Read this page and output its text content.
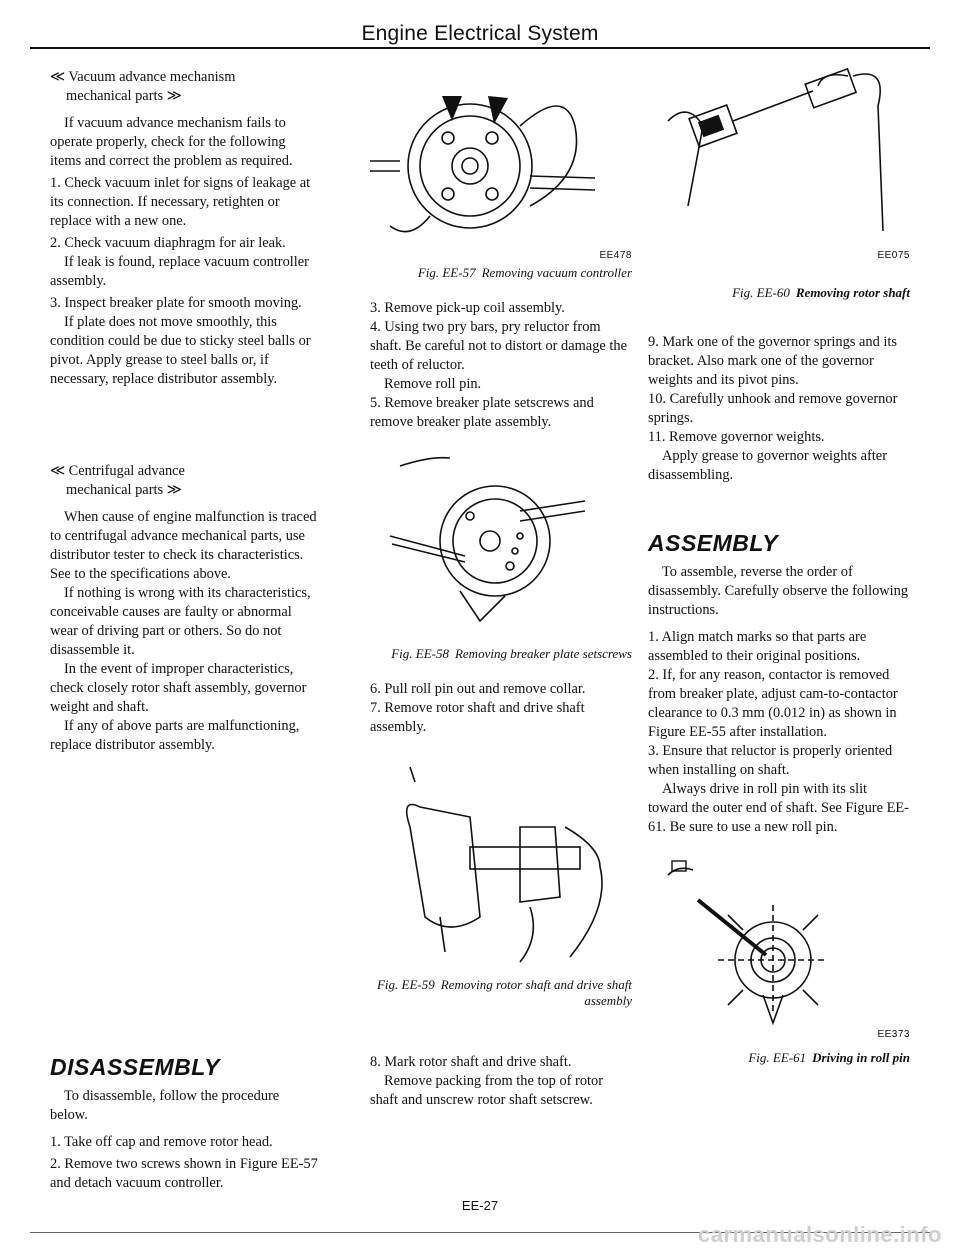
Engine Electrical System

≪ Vacuum advance mechanism

mechanical parts ≫

If vacuum advance mechanism fails to operate properly, check for the following items and correct the problem as required.

1. Check vacuum inlet for signs of leakage at its connection. If necessary, retighten or replace with a new one.

2. Check vacuum diaphragm for air leak.

If leak is found, replace vacuum controller assembly.

3. Inspect breaker plate for smooth moving.

If plate does not move smoothly, this condition could be due to sticky steel balls or pivot. Apply grease to steel balls or, if necessary, replace distributor assembly.

≪ Centrifugal advance

mechanical parts ≫

When cause of engine malfunction is traced to centrifugal advance mechanical parts, use distributor tester to check its characteristics. See to the specifications above.

If nothing is wrong with its characteristics, conceivable causes are faulty or abnormal wear of driving part or others. So do not disassemble it.

In the event of improper characteristics, check closely rotor shaft assembly, governor weight and shaft.

If any of above parts are malfunctioning, replace distributor assembly.

DISASSEMBLY

To disassemble, follow the procedure below.

1. Take off cap and remove rotor head.

2. Remove two screws shown in Figure EE-57 and detach vacuum controller.

EE478
Fig. EE-57 Removing vacuum controller

3. Remove pick-up coil assembly.

4. Using two pry bars, pry reluctor from shaft. Be careful not to distort or damage the teeth of reluctor.

Remove roll pin.

5. Remove breaker plate setscrews and remove breaker plate assembly.

Fig. EE-58 Removing breaker plate setscrews

6. Pull roll pin out and remove collar.

7. Remove rotor shaft and drive shaft assembly.

Fig. EE-59 Removing rotor shaft and drive shaft assembly

8. Mark rotor shaft and drive shaft.

Remove packing from the top of rotor shaft and unscrew rotor shaft setscrew.

EE075
Fig. EE-60 Removing rotor shaft

9. Mark one of the governor springs and its bracket. Also mark one of the governor weights and its pivot pins.

10. Carefully unhook and remove governor springs.

11. Remove governor weights.

Apply grease to governor weights after disassembling.

ASSEMBLY

To assemble, reverse the order of disassembly. Carefully observe the following instructions.

1. Align match marks so that parts are assembled to their original positions.

2. If, for any reason, contactor is removed from breaker plate, adjust cam-to-contactor clearance to 0.3 mm (0.012 in) as shown in Figure EE-55 after installation.

3. Ensure that reluctor is properly oriented when installing on shaft.

Always drive in roll pin with its slit toward the outer end of shaft. See Figure EE-61. Be sure to use a new roll pin.

EE373
Fig. EE-61 Driving in roll pin
EE-27
carmanualsonline.info
